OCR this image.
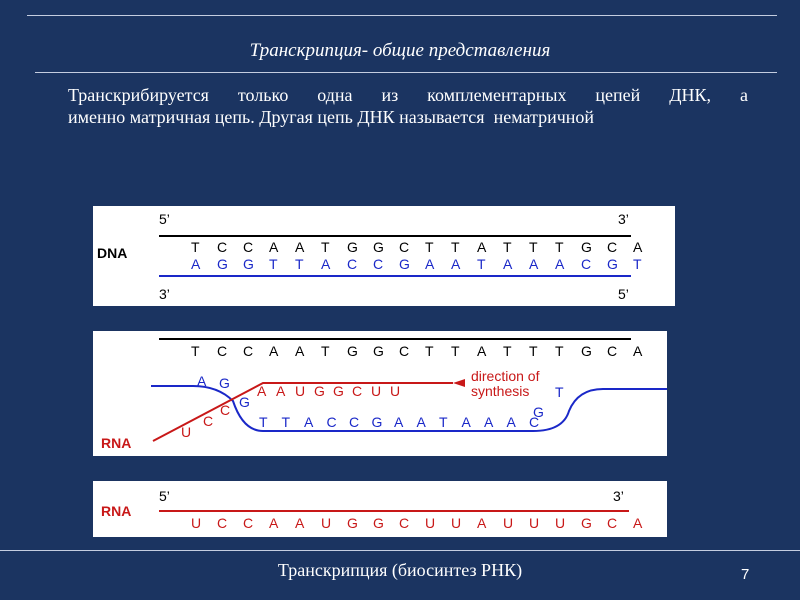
Транскрипция- общие представления
Транскрибируется только одна из комплементарных цепей ДНК, а
именно матричная цепь. Другая цепь ДНК называется  нематричной
DNA
5’	3’
T C C A A T G G C T T A T T T G C A
A G G T T A C C G A A T A A A C G T
3’	5’
T C C A A T G G C T T A T T T G C A
RNA
A G
U
C
C G
A A U G G C U U
direction of
synthesis T
T T A C C G A A T A A A C
G
RNA
5’	3’
U C C A A U G G C U U A U U U G C A
Транскрипция (биосинтез РНК)	7
